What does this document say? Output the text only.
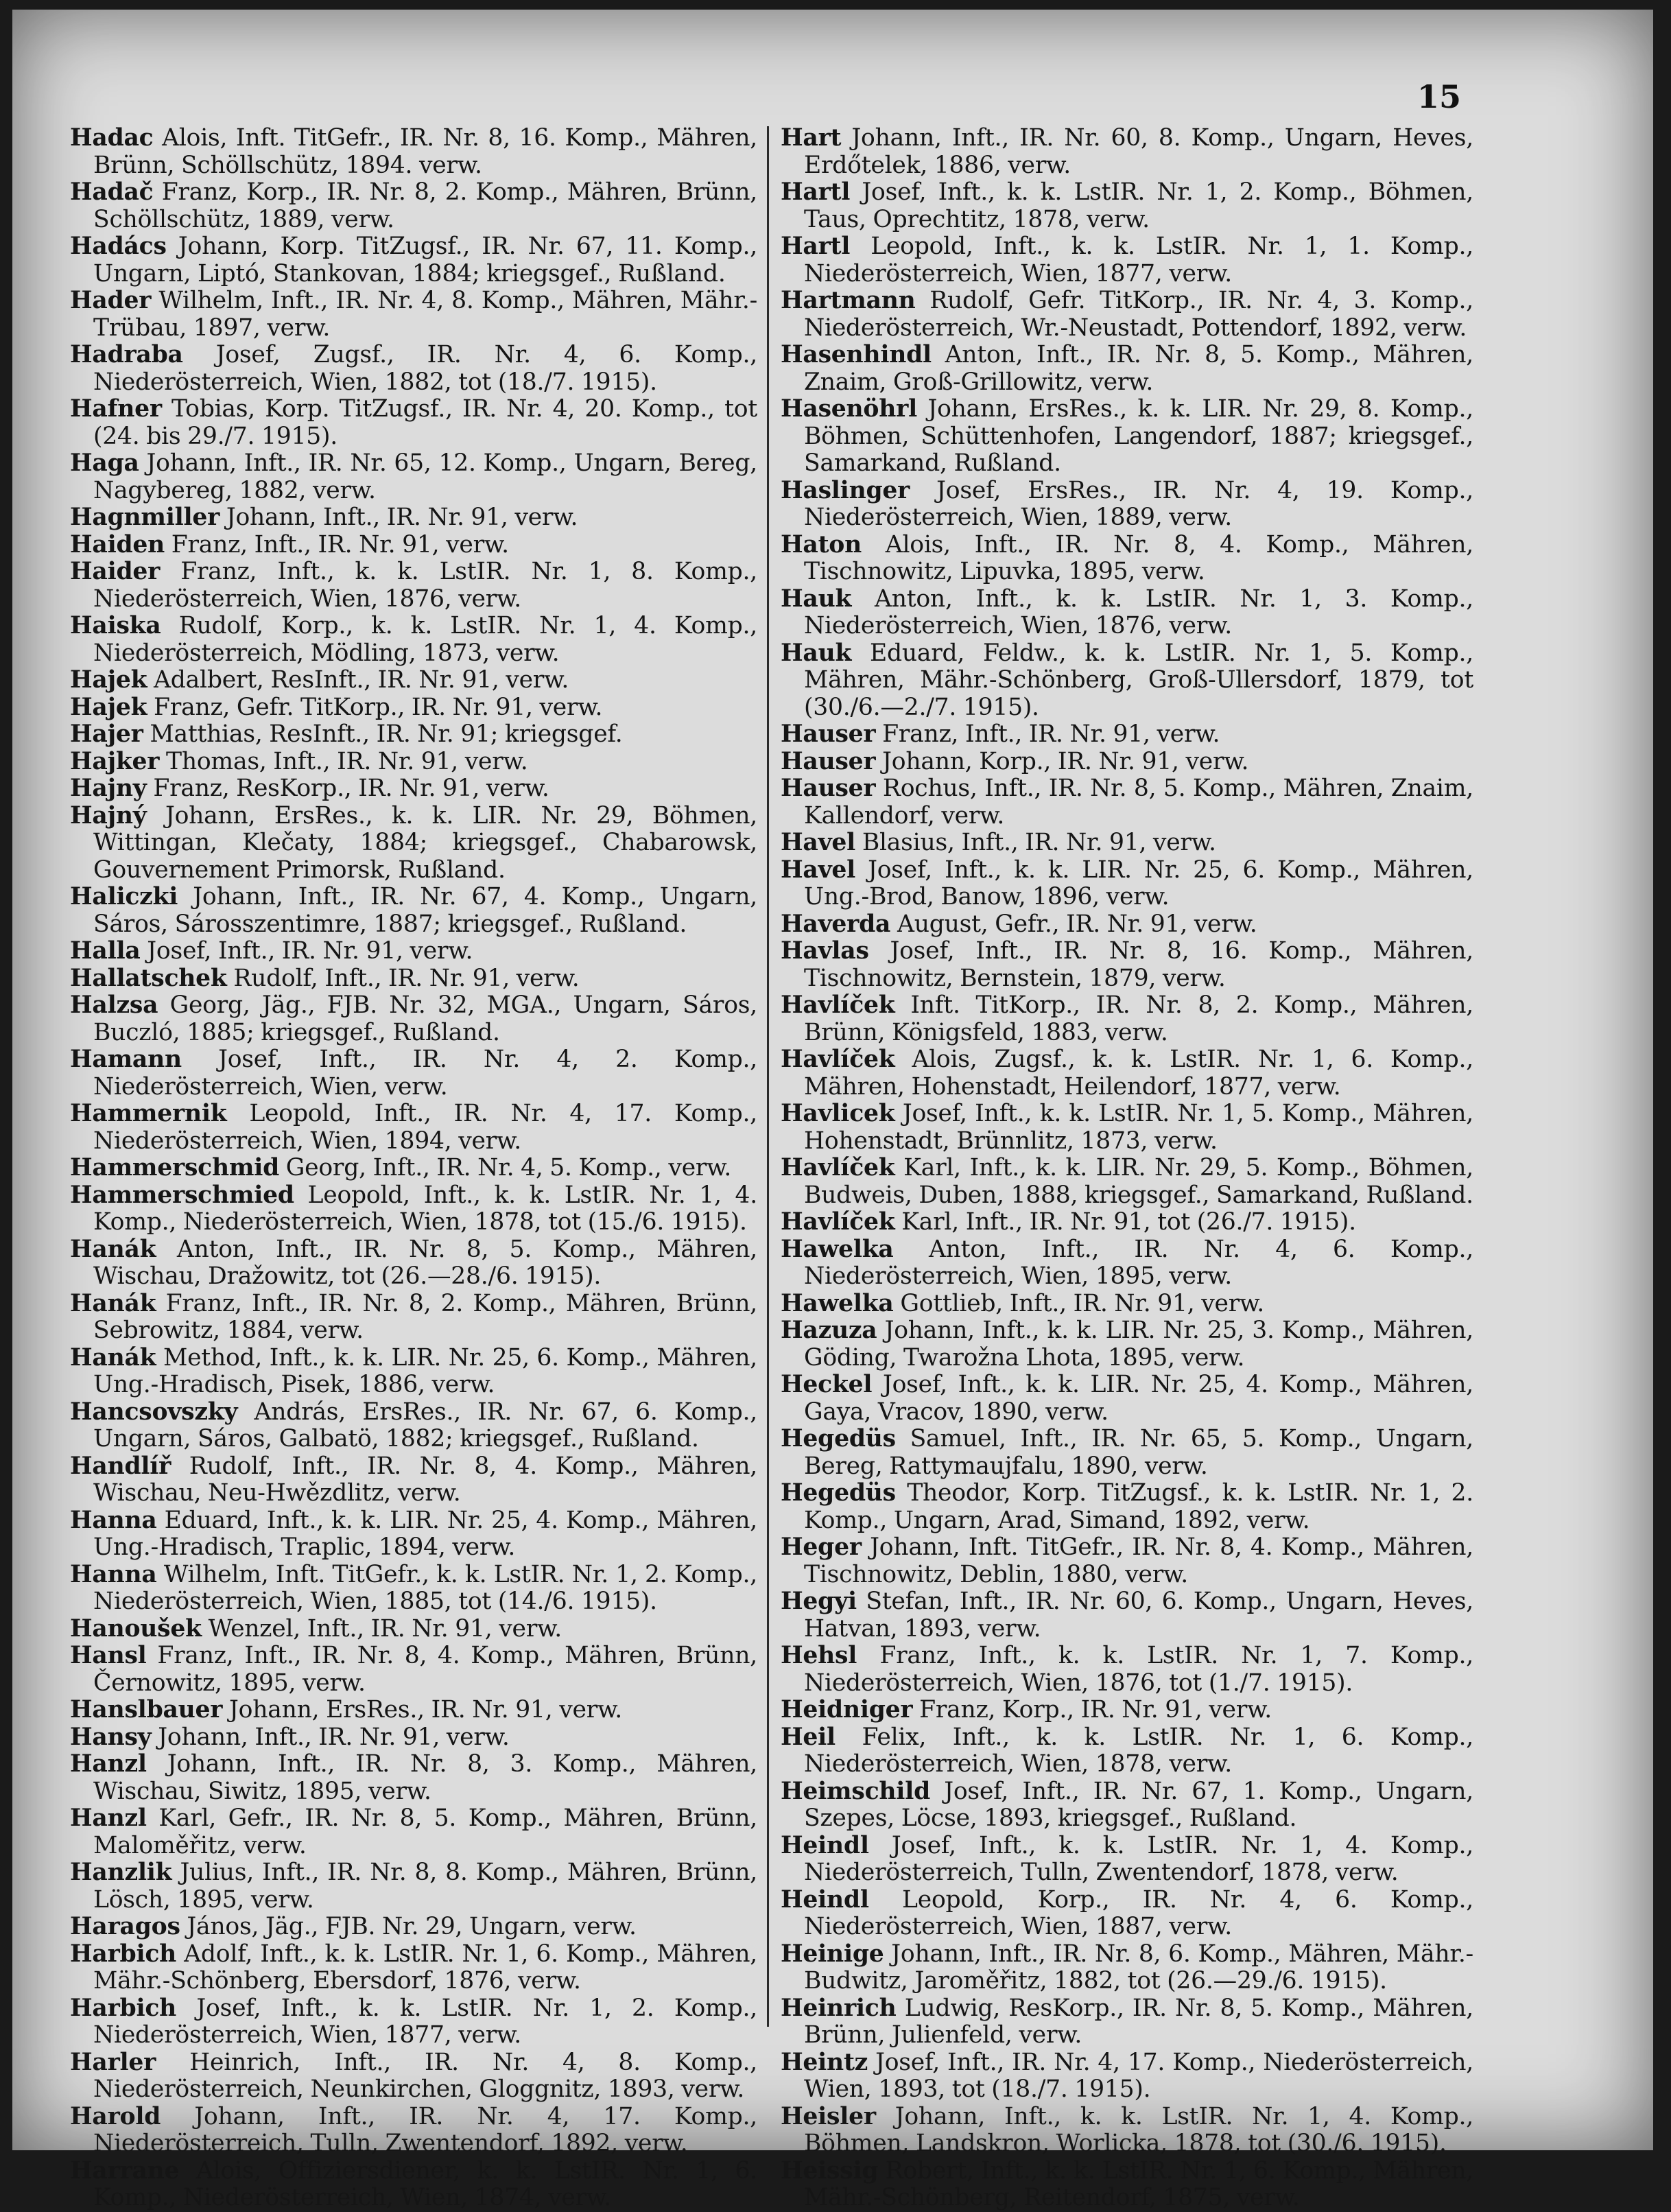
15

Hadac Alois, Inft. TitGefr., IR. Nr. 8, 16. Komp., Mähren, Brünn, Schöllschütz, 1894. verw.

Hadač Franz, Korp., IR. Nr. 8, 2. Komp., Mähren, Brünn, Schöllschütz, 1889, verw.

Hadács Johann, Korp. TitZugsf., IR. Nr. 67, 11. Komp., Ungarn, Liptó, Stankovan, 1884; kriegsgef., Rußland.

Hader Wilhelm, Inft., IR. Nr. 4, 8. Komp., Mähren, Mähr.-Trübau, 1897, verw.

Hadraba Josef, Zugsf., IR. Nr. 4, 6. Komp., Niederösterreich, Wien, 1882, tot (18./7. 1915).

Hafner Tobias, Korp. TitZugsf., IR. Nr. 4, 20. Komp., tot (24. bis 29./7. 1915).

Haga Johann, Inft., IR. Nr. 65, 12. Komp., Ungarn, Bereg, Nagybereg, 1882, verw.

Hagnmiller Johann, Inft., IR. Nr. 91, verw.

Haiden Franz, Inft., IR. Nr. 91, verw.

Haider Franz, Inft., k. k. LstIR. Nr. 1, 8. Komp., Niederösterreich, Wien, 1876, verw.

Haiska Rudolf, Korp., k. k. LstIR. Nr. 1, 4. Komp., Niederösterreich, Mödling, 1873, verw.

Hajek Adalbert, ResInft., IR. Nr. 91, verw.

Hajek Franz, Gefr. TitKorp., IR. Nr. 91, verw.

Hajer Matthias, ResInft., IR. Nr. 91; kriegsgef.

Hajker Thomas, Inft., IR. Nr. 91, verw.

Hajny Franz, ResKorp., IR. Nr. 91, verw.

Hajný Johann, ErsRes., k. k. LIR. Nr. 29, Böhmen, Wittingan, Klečaty, 1884; kriegsgef., Chabarowsk, Gouvernement Primorsk, Rußland.

Haliczki Johann, Inft., IR. Nr. 67, 4. Komp., Ungarn, Sáros, Sárosszentimre, 1887; kriegsgef., Rußland.

Halla Josef, Inft., IR. Nr. 91, verw.

Hallatschek Rudolf, Inft., IR. Nr. 91, verw.

Halzsa Georg, Jäg., FJB. Nr. 32, MGA., Ungarn, Sáros, Buczló, 1885; kriegsgef., Rußland.

Hamann Josef, Inft., IR. Nr. 4, 2. Komp., Niederösterreich, Wien, verw.

Hammernik Leopold, Inft., IR. Nr. 4, 17. Komp., Niederösterreich, Wien, 1894, verw.

Hammerschmid Georg, Inft., IR. Nr. 4, 5. Komp., verw.

Hammerschmied Leopold, Inft., k. k. LstIR. Nr. 1, 4. Komp., Niederösterreich, Wien, 1878, tot (15./6. 1915).

Hanák Anton, Inft., IR. Nr. 8, 5. Komp., Mähren, Wischau, Dražowitz, tot (26.—28./6. 1915).

Hanák Franz, Inft., IR. Nr. 8, 2. Komp., Mähren, Brünn, Sebrowitz, 1884, verw.

Hanák Method, Inft., k. k. LIR. Nr. 25, 6. Komp., Mähren, Ung.-Hradisch, Pisek, 1886, verw.

Hancsovszky András, ErsRes., IR. Nr. 67, 6. Komp., Ungarn, Sáros, Galbatö, 1882; kriegsgef., Rußland.

Handlíř Rudolf, Inft., IR. Nr. 8, 4. Komp., Mähren, Wischau, Neu-Hwězdlitz, verw.

Hanna Eduard, Inft., k. k. LIR. Nr. 25, 4. Komp., Mähren, Ung.-Hradisch, Traplic, 1894, verw.

Hanna Wilhelm, Inft. TitGefr., k. k. LstIR. Nr. 1, 2. Komp., Niederösterreich, Wien, 1885, tot (14./6. 1915).

Hanoušek Wenzel, Inft., IR. Nr. 91, verw.

Hansl Franz, Inft., IR. Nr. 8, 4. Komp., Mähren, Brünn, Černowitz, 1895, verw.

Hanslbauer Johann, ErsRes., IR. Nr. 91, verw.

Hansy Johann, Inft., IR. Nr. 91, verw.

Hanzl Johann, Inft., IR. Nr. 8, 3. Komp., Mähren, Wischau, Siwitz, 1895, verw.

Hanzl Karl, Gefr., IR. Nr. 8, 5. Komp., Mähren, Brünn, Maloměřitz, verw.

Hanzlik Julius, Inft., IR. Nr. 8, 8. Komp., Mähren, Brünn, Lösch, 1895, verw.

Haragos János, Jäg., FJB. Nr. 29, Ungarn, verw.

Harbich Adolf, Inft., k. k. LstIR. Nr. 1, 6. Komp., Mähren, Mähr.-Schönberg, Ebersdorf, 1876, verw.

Harbich Josef, Inft., k. k. LstIR. Nr. 1, 2. Komp., Niederösterreich, Wien, 1877, verw.

Harler Heinrich, Inft., IR. Nr. 4, 8. Komp., Niederösterreich, Neunkirchen, Gloggnitz, 1893, verw.

Harold Johann, Inft., IR. Nr. 4, 17. Komp., Niederösterreich, Tulln, Zwentendorf, 1892, verw.

Harrane Alois, Offiziersdiener, k. k. LstIR. Nr. 1, 6. Komp., Niederösterreich, Wien, 1874, verw.

Hart Johann, Inft., IR. Nr. 60, 8. Komp., Ungarn, Heves, Erdőtelek, 1886, verw.

Hartl Josef, Inft., k. k. LstIR. Nr. 1, 2. Komp., Böhmen, Taus, Oprechtitz, 1878, verw.

Hartl Leopold, Inft., k. k. LstIR. Nr. 1, 1. Komp., Niederösterreich, Wien, 1877, verw.

Hartmann Rudolf, Gefr. TitKorp., IR. Nr. 4, 3. Komp., Niederösterreich, Wr.-Neustadt, Pottendorf, 1892, verw.

Hasenhindl Anton, Inft., IR. Nr. 8, 5. Komp., Mähren, Znaim, Groß-Grillowitz, verw.

Hasenöhrl Johann, ErsRes., k. k. LIR. Nr. 29, 8. Komp., Böhmen, Schüttenhofen, Langendorf, 1887; kriegsgef., Samarkand, Rußland.

Haslinger Josef, ErsRes., IR. Nr. 4, 19. Komp., Niederösterreich, Wien, 1889, verw.

Haton Alois, Inft., IR. Nr. 8, 4. Komp., Mähren, Tischnowitz, Lipuvka, 1895, verw.

Hauk Anton, Inft., k. k. LstIR. Nr. 1, 3. Komp., Niederösterreich, Wien, 1876, verw.

Hauk Eduard, Feldw., k. k. LstIR. Nr. 1, 5. Komp., Mähren, Mähr.-Schönberg, Groß-Ullersdorf, 1879, tot (30./6.—2./7. 1915).

Hauser Franz, Inft., IR. Nr. 91, verw.

Hauser Johann, Korp., IR. Nr. 91, verw.

Hauser Rochus, Inft., IR. Nr. 8, 5. Komp., Mähren, Znaim, Kallendorf, verw.

Havel Blasius, Inft., IR. Nr. 91, verw.

Havel Josef, Inft., k. k. LIR. Nr. 25, 6. Komp., Mähren, Ung.-Brod, Banow, 1896, verw.

Haverda August, Gefr., IR. Nr. 91, verw.

Havlas Josef, Inft., IR. Nr. 8, 16. Komp., Mähren, Tischnowitz, Bernstein, 1879, verw.

Havlíček Inft. TitKorp., IR. Nr. 8, 2. Komp., Mähren, Brünn, Königsfeld, 1883, verw.

Havlíček Alois, Zugsf., k. k. LstIR. Nr. 1, 6. Komp., Mähren, Hohenstadt, Heilendorf, 1877, verw.

Havlicek Josef, Inft., k. k. LstIR. Nr. 1, 5. Komp., Mähren, Hohenstadt, Brünnlitz, 1873, verw.

Havlíček Karl, Inft., k. k. LIR. Nr. 29, 5. Komp., Böhmen, Budweis, Duben, 1888, kriegsgef., Samarkand, Rußland.

Havlíček Karl, Inft., IR. Nr. 91, tot (26./7. 1915).

Hawelka Anton, Inft., IR. Nr. 4, 6. Komp., Niederösterreich, Wien, 1895, verw.

Hawelka Gottlieb, Inft., IR. Nr. 91, verw.

Hazuza Johann, Inft., k. k. LIR. Nr. 25, 3. Komp., Mähren, Göding, Twarožna Lhota, 1895, verw.

Heckel Josef, Inft., k. k. LIR. Nr. 25, 4. Komp., Mähren, Gaya, Vracov, 1890, verw.

Hegedüs Samuel, Inft., IR. Nr. 65, 5. Komp., Ungarn, Bereg, Rattymaujfalu, 1890, verw.

Hegedüs Theodor, Korp. TitZugsf., k. k. LstIR. Nr. 1, 2. Komp., Ungarn, Arad, Simand, 1892, verw.

Heger Johann, Inft. TitGefr., IR. Nr. 8, 4. Komp., Mähren, Tischnowitz, Deblin, 1880, verw.

Hegyi Stefan, Inft., IR. Nr. 60, 6. Komp., Ungarn, Heves, Hatvan, 1893, verw.

Hehsl Franz, Inft., k. k. LstIR. Nr. 1, 7. Komp., Niederösterreich, Wien, 1876, tot (1./7. 1915).

Heidniger Franz, Korp., IR. Nr. 91, verw.

Heil Felix, Inft., k. k. LstIR. Nr. 1, 6. Komp., Niederösterreich, Wien, 1878, verw.

Heimschild Josef, Inft., IR. Nr. 67, 1. Komp., Ungarn, Szepes, Löcse, 1893, kriegsgef., Rußland.

Heindl Josef, Inft., k. k. LstIR. Nr. 1, 4. Komp., Niederösterreich, Tulln, Zwentendorf, 1878, verw.

Heindl Leopold, Korp., IR. Nr. 4, 6. Komp., Niederösterreich, Wien, 1887, verw.

Heinige Johann, Inft., IR. Nr. 8, 6. Komp., Mähren, Mähr.-Budwitz, Jaroměřitz, 1882, tot (26.—29./6. 1915).

Heinrich Ludwig, ResKorp., IR. Nr. 8, 5. Komp., Mähren, Brünn, Julienfeld, verw.

Heintz Josef, Inft., IR. Nr. 4, 17. Komp., Niederösterreich, Wien, 1893, tot (18./7. 1915).

Heisler Johann, Inft., k. k. LstIR. Nr. 1, 4. Komp., Böhmen, Landskron, Worlicka, 1878, tot (30./6. 1915).

Heissig Robert, Inft., k. k. LstIR. Nr. 1, 6. Komp., Mähren, Mähr.-Schönberg, Reitendorf, 1875, verw.
